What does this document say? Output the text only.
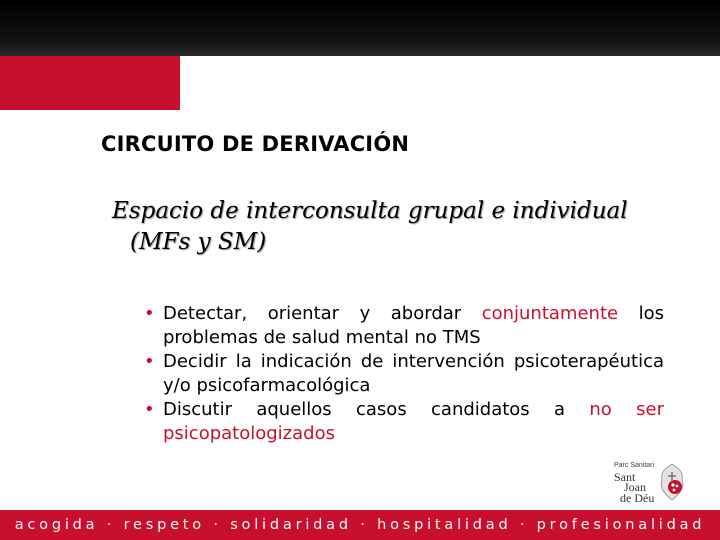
CIRCUITO DE DERIVACIÓN
Espacio de interconsulta grupal e individual
(MFs y SM)
• Detectar, orientar y abordar conjuntamente los problemas de salud mental no TMS
• Decidir la indicación de intervención psicoterapéutica y/o psicofarmacológica
• Discutir aquellos casos candidatos a no ser psicopatologizados
Parc Sanitari
Sant
Joan
de Déu
acogida · respeto · solidaridad · hospitalidad · profesionalidad
